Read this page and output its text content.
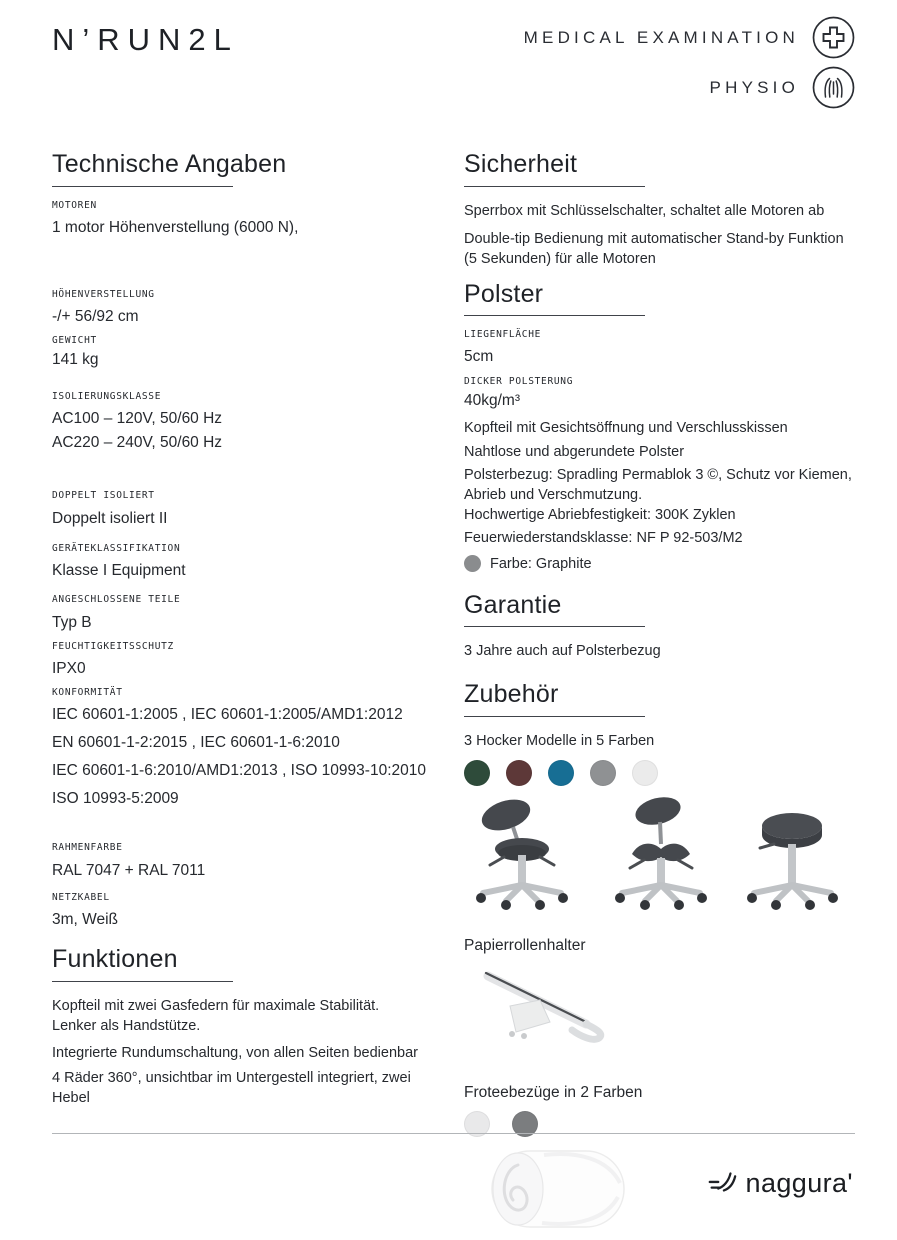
N’RUN2L	MEDICAL EXAMINATION
PHYSIO
Technische Angaben
MOTOREN
1 motor Höhenverstellung (6000 N),
HÖHENVERSTELLUNG
-/+ 56/92 cm
GEWICHT
141 kg
ISOLIERUNGSKLASSE
AC100 – 120V, 50/60 Hz
AC220 – 240V, 50/60 Hz
DOPPELT ISOLIERT
Doppelt isoliert II
GERÄTEKLASSIFIKATION
Klasse I Equipment
ANGESCHLOSSENE TEILE
Typ B
FEUCHTIGKEITSSCHUTZ
IPX0
KONFORMITÄT
IEC 60601-1:2005 , IEC 60601-1:2005/AMD1:2012
EN 60601-1-2:2015 , IEC 60601-1-6:2010
IEC 60601-1-6:2010/AMD1:2013 , ISO 10993-10:2010
ISO 10993-5:2009
RAHMENFARBE
RAL 7047 + RAL 7011
NETZKABEL
3m, Weiß
Funktionen
Kopfteil mit zwei Gasfedern für maximale Stabilität.
Lenker als Handstütze.
Integrierte Rundumschaltung, von allen Seiten bedienbar
4 Räder 360°, unsichtbar im Untergestell integriert, zwei Hebel
Sicherheit
Sperrbox mit Schlüsselschalter, schaltet alle Motoren ab
Double-tip Bedienung mit automatischer Stand-by Funktion
(5 Sekunden) für alle Motoren
Polster
LIEGENFLÄCHE
5cm
DICKER POLSTERUNG
40kg/m³
Kopfteil mit Gesichtsöffnung und Verschlusskissen
Nahtlose und abgerundete Polster
Polsterbezug: Spradling Permablok 3 ©, Schutz vor Kiemen,
Abrieb und Verschmutzung.
Hochwertige Abriebfestigkeit: 300K Zyklen
Feuerwiederstandsklasse: NF P 92-503/M2
Farbe: Graphite
Garantie
3 Jahre auch auf Polsterbezug
Zubehör
3 Hocker Modelle in 5 Farben
Papierrollenhalter
Froteebezüge in 2 Farben
naggura'
